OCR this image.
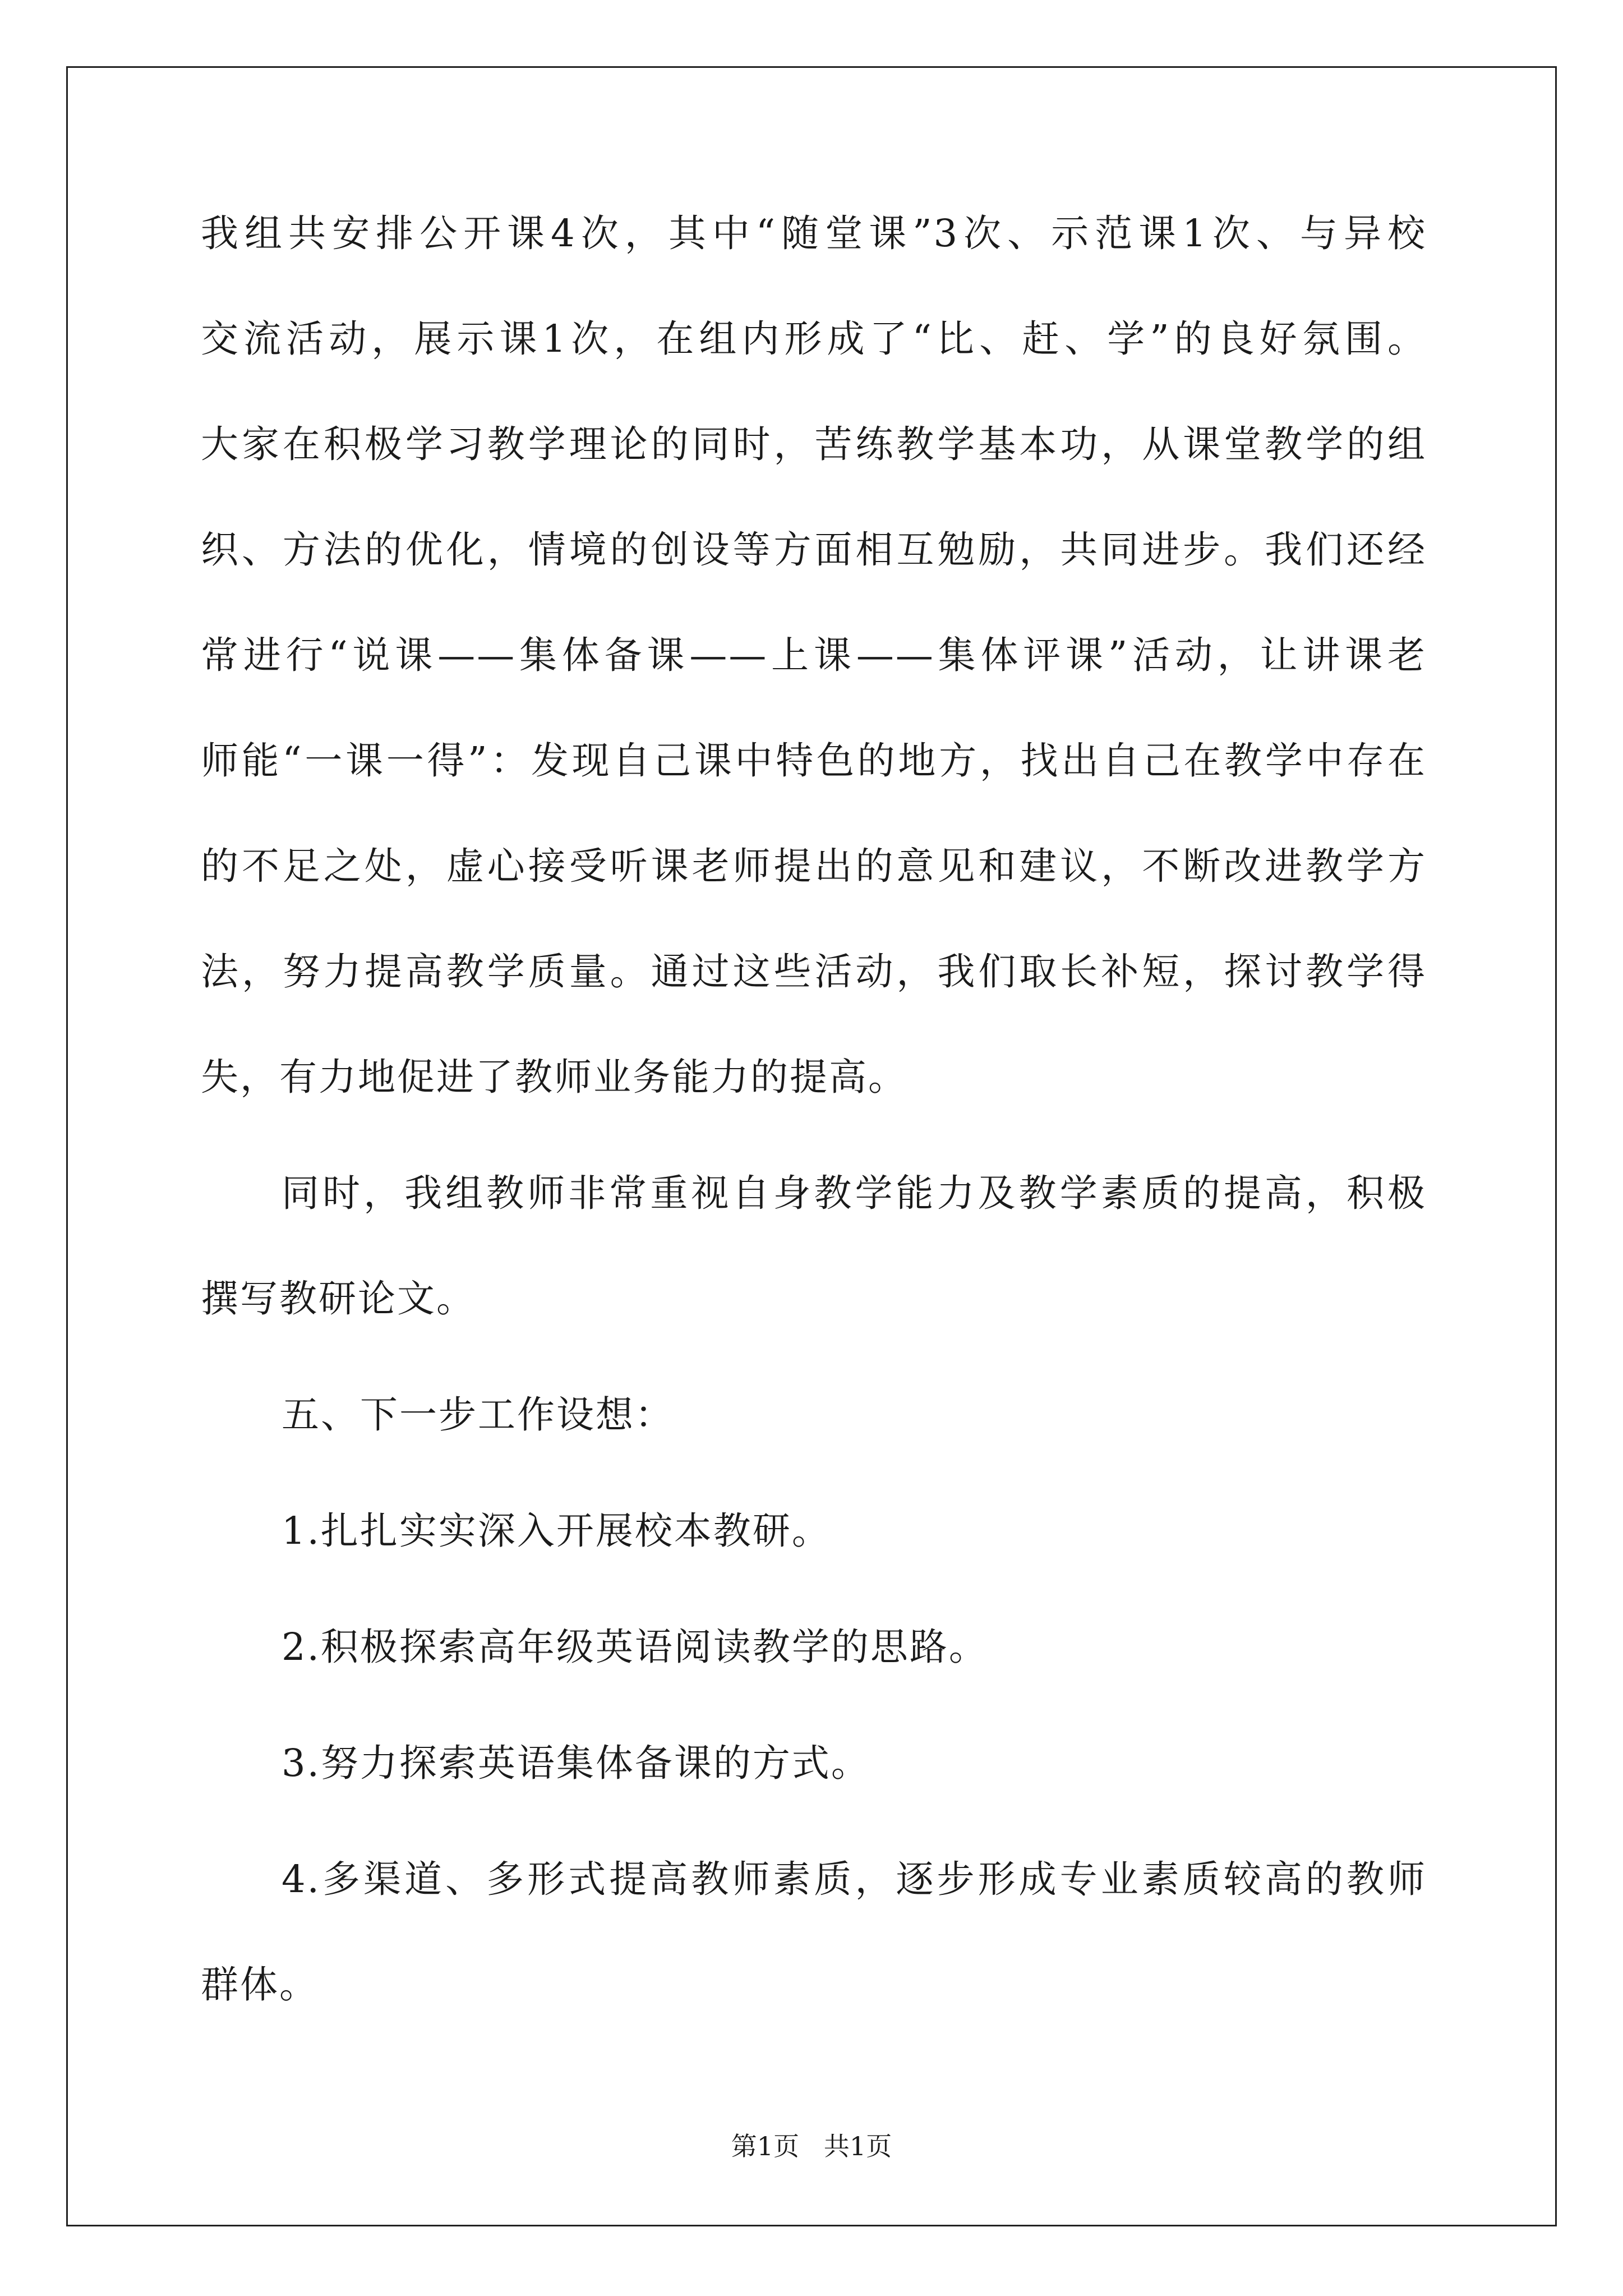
我组共安排公开课4次，其中“随堂课”3次、示范课1次、与异校
交流活动，展示课1次，在组内形成了“比、赶、学”的良好氛围。
大家在积极学习教学理论的同时，苦练教学基本功，从课堂教学的组
织、方法的优化，情境的创设等方面相互勉励，共同进步。我们还经
常进行“说课——集体备课——上课——集体评课”活动，让讲课老
师能“一课一得”：发现自己课中特色的地方，找出自己在教学中存在
的不足之处，虚心接受听课老师提出的意见和建议，不断改进教学方
法，努力提高教学质量。通过这些活动，我们取长补短，探讨教学得
失，有力地促进了教师业务能力的提高。
同时，我组教师非常重视自身教学能力及教学素质的提高，积极
撰写教研论文。
五、下一步工作设想：
1.扎扎实实深入开展校本教研。
2.积极探索高年级英语阅读教学的思路。
3.努力探索英语集体备课的方式。
4.多渠道、多形式提高教师素质，逐步形成专业素质较高的教师
群体。
第1页   共1页
